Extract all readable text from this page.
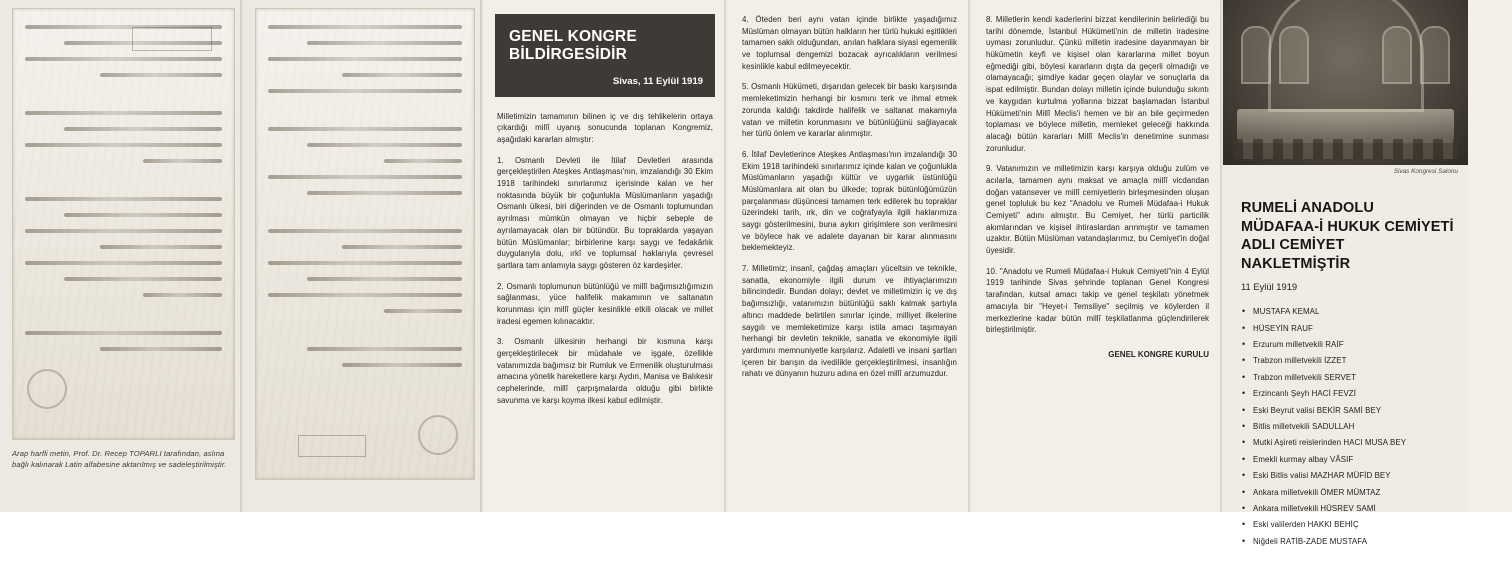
Arap harfli metin, Prof. Dr. Recep TOPARLI tarafından, aslına bağlı kalınarak Latin alfabesine aktarılmış ve sadeleştirilmiştir.
GENEL KONGRE BİLDİRGESİDİR
Sivas, 11 Eylül 1919

Milletimizin tamamının bilinen iç ve dış tehlikelerin ortaya çıkardığı millî uyanış sonucunda toplanan Kongremiz, aşağıdaki kararları almıştır:

1. Osmanlı Devleti ile İtilaf Devletleri arasında gerçekleştirilen Ateşkes Antlaşması'nın, imzalandığı 30 Ekim 1918 tarihindeki sınırlarımız içerisinde kalan ve her noktasında büyük bir çoğunlukla Müslümanların yaşadığı Osmanlı ülkesi, biri diğerinden ve de Osmanlı toplumundan ayrılması mümkün olmayan ve hiçbir sebeple de ayrılamayacak olan bir bütündür. Bu topraklarda yaşayan bütün Müslümanlar; birbirlerine karşı saygı ve fedakârlık duygularıyla dolu, ırkî ve toplumsal haklarıyla çevresel şartlara tam anlamıyla saygı gösteren öz kardeşirler.

2. Osmanlı toplumunun bütünlüğü ve millî bağımsızlığımızın sağlanması, yüce halifelik makamının ve saltanatın korunması için millî güçler kesinlikle etkili olacak ve millet iradesi egemen kılınacaktır.

3. Osmanlı ülkesinin herhangi bir kısmına karşı gerçekleştirilecek bir müdahale ve işgale, özellikle vatanımızda bağımsız bir Rumluk ve Ermenilik oluşturulması amacına yönelik hareketlere karşı Aydın, Manisa ve Balıkesir cephelerinde, millî çarpışmalarda olduğu gibi birlikte savunma ve karşı koyma ilkesi kabul edilmiştir.

4. Öteden beri aynı vatan içinde birlikte yaşadığımız Müslüman olmayan bütün halkların her türlü hukuki eşitlikleri tamamen saklı olduğundan, anılan halklara siyasi egemenlik ve toplumsal dengemizi bozacak ayrıcalıkların verilmesi kesinlikle kabul edilmeyecektir.

5. Osmanlı Hükümeti, dışarıdan gelecek bir baskı karşısında memleketimizin herhangi bir kısmını terk ve ihmal etmek zorunda kaldığı takdirde halifelik ve saltanat makamıyla vatan ve milletin korunmasını ve bütünlüğünü sağlayacak her türlü önlem ve kararlar alınmıştır.

6. İtilaf Devletlerince Ateşkes Antlaşması'nın imzalandığı 30 Ekim 1918 tarihindeki sınırlarımız içinde kalan ve çoğunlukla Müslümanların yaşadığı kültür ve uygarlık üstünlüğü Müslümanlara ait olan bu ülkede; toprak bütünlüğümüzün parçalanması düşüncesi tamamen terk edilerek bu topraklar üzerindeki tarih, ırk, din ve coğrafyayla ilgili haklarımıza saygı gösterilmesini, buna aykırı girişimlere son verilmesini ve böylece hak ve adalete dayanan bir karar alınmasını beklemekteyiz.

7. Milletimiz; insanî, çağdaş amaçları yüceltsin ve teknikle, sanatla, ekonomiyle ilgili durum ve ihtiyaçlarımızın bilincindedir. Bundan dolayı; devlet ve milletimizin iç ve dış bağımsızlığı, vatanımızın bütünlüğü saklı kalmak şartıyla altıncı maddede belirtilen sınırlar içinde, milliyet ilkelerine saygılı ve memleketimize karşı istila amacı taşımayan herhangi bir devletin teknikle, sanatla ve ekonomiyle ilgili yardımını memnuniyetle karşılarız. Adaletli ve insani şartları içeren bir barışın da ivedilikle gerçekleştirilmesi, insanlığın rahatı ve dünyanın huzuru adına en özel millî arzumuzdur.

8. Milletlerin kendi kaderlerini bizzat kendilerinin belirlediği bu tarihi dönemde, İstanbul Hükümeti'nin de milletin iradesine uyması zorunludur. Çünkü milletin iradesine dayanmayan bir hükümetin keyfi ve kişisel olan kararlarına millet boyun eğmediği gibi, böylesi kararların dışta da geçerli olmadığı ve olamayacağı; şimdiye kadar geçen olaylar ve sonuçlarla da ispat edilmiştir. Bundan dolayı milletin içinde bulunduğu sıkıntı ve kaygıdan kurtulma yollarına bizzat başlamadan İstanbul Hükümeti'nin Millî Meclis'i hemen ve bir an bile geçirmeden toplaması ve böylece milletin, memleket geleceği hakkında alacağı bütün kararları Millî Meclis'in denetimine sunması zorunludur.

9. Vatanımızın ve milletimizin karşı karşıya olduğu zulüm ve acılarla, tamamen aynı maksat ve amaçla millî vicdandan doğan vatansever ve millî cemiyetlerin birleşmesinden oluşan genel topluluk bu kez "Anadolu ve Rumeli Müdafaa-i Hukuk Cemiyeti" adını almıştır. Bu Cemiyet, her türlü particilik akımlarından ve kişisel ihtiraslardan arınmıştır ve tamamen uzaktır. Bütün Müslüman vatandaşlarımız, bu Cemiyet'in doğal üyesidir.

10. "Anadolu ve Rumeli Müdafaa-i Hukuk Cemiyeti"nin 4 Eylül 1919 tarihinde Sivas şehrinde toplanan Genel Kongresi tarafından, kutsal amacı takip ve genel teşkilatı yönetmek amacıyla bir "Heyet-i Temsiliye" seçilmiş ve köylerden il merkezlerine kadar bütün millî teşkilatlanma güçlendirilerek birleştirilmiştir.

GENEL KONGRE KURULU
Sivas Kongresi Salonu
RUMELİ ANADOLU MÜDAFAA-İ HUKUK CEMİYETİ ADLI CEMİYET NAKLETMİŞTİR
11 Eylül 1919
• MUSTAFA KEMAL
• HÜSEYİN RAUF
• Erzurum milletvekili RAİF
• Trabzon milletvekili İZZET
• Trabzon milletvekili SERVET
• Erzincanlı Şeyh HACİ FEVZİ
• Eski Beyrut valisi BEKİR SAMİ BEY
• Bitlis milletvekili SADULLAH
• Mutki Aşireti reislerinden HACI MUSA BEY
• Emekli kurmay albay VÂSIF
• Eski Bitlis valisi MAZHAR MÜFİD BEY
• Ankara milletvekili ÖMER MÜMTAZ
• Ankara milletvekili HÜSREV SAMİ
• Eski valilerden HAKKI BEHİÇ
• Niğdeli RATİB-ZADE MUSTAFA
